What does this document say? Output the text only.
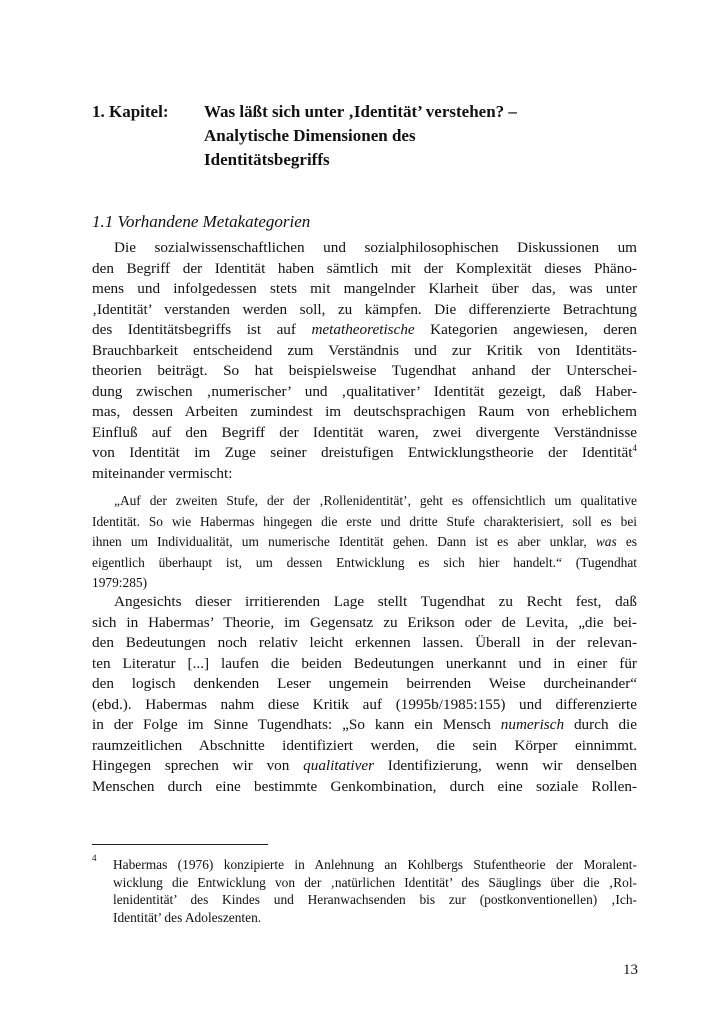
1. Kapitel: Was läßt sich unter ‚Identität’ verstehen? –
Analytische Dimensionen des
Identitätsbegriffs
1.1 Vorhandene Metakategorien
Die sozialwissenschaftlichen und sozialphilosophischen Diskussionen um
den Begriff der Identität haben sämtlich mit der Komplexität dieses Phäno-
mens und infolgedessen stets mit mangelnder Klarheit über das, was unter
‚Identität’ verstanden werden soll, zu kämpfen. Die differenzierte Betrachtung
des Identitätsbegriffs ist auf metatheoretische Kategorien angewiesen, deren
Brauchbarkeit entscheidend zum Verständnis und zur Kritik von Identitäts-
theorien beiträgt. So hat beispielsweise Tugendhat anhand der Unterschei-
dung zwischen ‚numerischer’ und ‚qualitativer’ Identität gezeigt, daß Haber-
mas, dessen Arbeiten zumindest im deutschsprachigen Raum von erheblichem
Einfluß auf den Begriff der Identität waren, zwei divergente Verständnisse
von Identität im Zuge seiner dreistufigen Entwicklungstheorie der Identität$^4$
miteinander vermischt:
„Auf der zweiten Stufe, der der ‚Rollenidentität’, geht es offensichtlich um qualitative
Identität. So wie Habermas hingegen die erste und dritte Stufe charakterisiert, soll es bei
ihnen um Individualität, um numerische Identität gehen. Dann ist es aber unklar, was es
eigentlich überhaupt ist, um dessen Entwicklung es sich hier handelt.“ (Tugendhat
1979:285)
Angesichts dieser irritierenden Lage stellt Tugendhat zu Recht fest, daß
sich in Habermas’ Theorie, im Gegensatz zu Erikson oder de Levita, „die bei-
den Bedeutungen noch relativ leicht erkennen lassen. Überall in der relevan-
ten Literatur [...] laufen die beiden Bedeutungen unerkannt und in einer für
den logisch denkenden Leser ungemein beirrenden Weise durcheinander“
(ebd.). Habermas nahm diese Kritik auf (1995b/1985:155) und differenzierte
in der Folge im Sinne Tugendhats: „So kann ein Mensch numerisch durch die
raumzeitlichen Abschnitte identifiziert werden, die sein Körper einnimmt.
Hingegen sprechen wir von qualitativer Identifizierung, wenn wir denselben
Menschen durch eine bestimmte Genkombination, durch eine soziale Rollen-
4 Habermas (1976) konzipierte in Anlehnung an Kohlbergs Stufentheorie der Moralent-
wicklung die Entwicklung von der ‚natürlichen Identität’ des Säuglings über die ‚Rol-
lenidentität’ des Kindes und Heranwachsenden bis zur (postkonventionellen) ‚Ich-
Identität’ des Adoleszenten.
13
